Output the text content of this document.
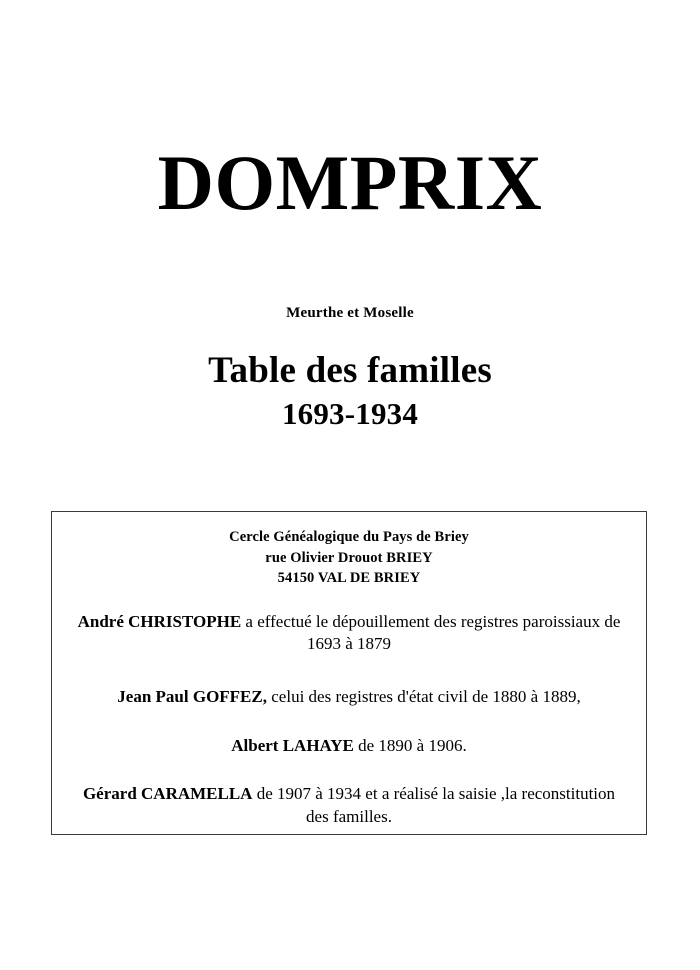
DOMPRIX
Meurthe et Moselle
Table des familles
1693-1934
Cercle Généalogique du Pays de Briey
rue Olivier Drouot BRIEY
54150 VAL DE BRIEY
André CHRISTOPHE a effectué le dépouillement des registres paroissiaux de 1693 à 1879
Jean Paul GOFFEZ, celui des registres d'état civil de 1880 à 1889,
Albert LAHAYE de 1890 à 1906.
Gérard CARAMELLA de 1907 à 1934 et a réalisé la saisie ,la reconstitution des familles.
